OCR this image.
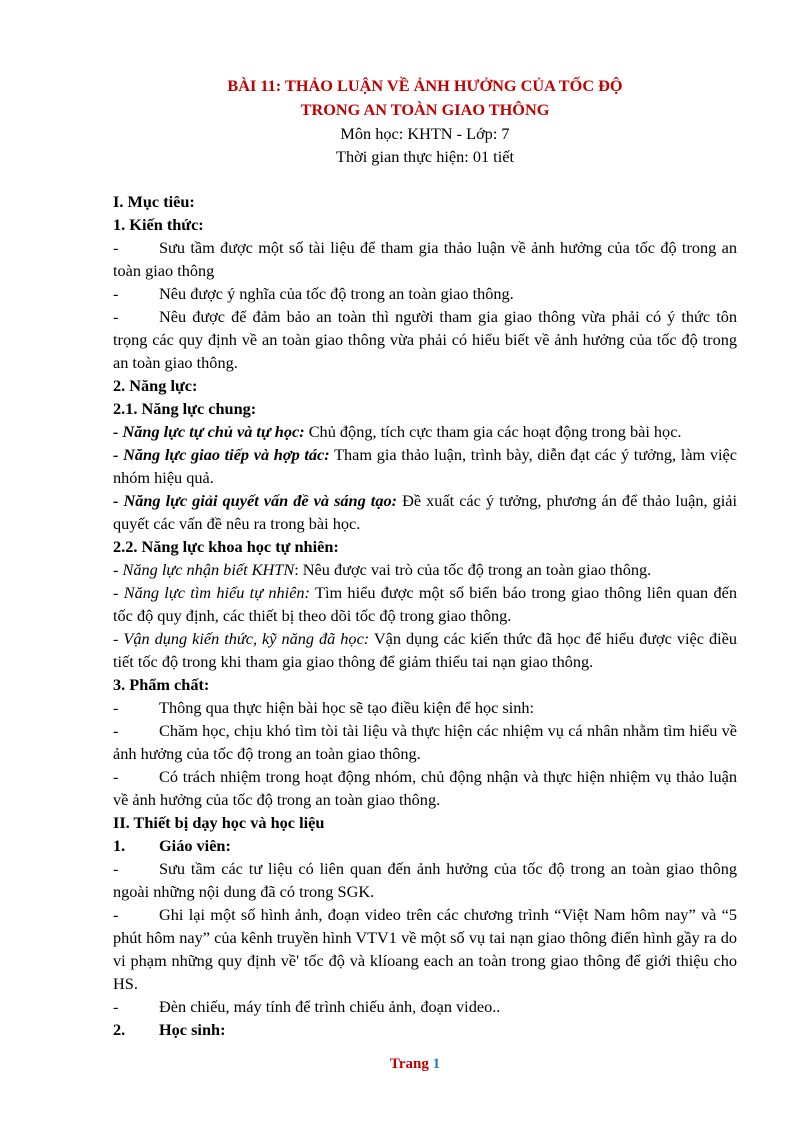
BÀI 11: THẢO LUẬN VỀ ẢNH HƯỞNG CỦA TỐC ĐỘ
TRONG AN TOÀN GIAO THÔNG
Môn học: KHTN - Lớp: 7
Thời gian thực hiện: 01 tiết
I. Mục tiêu:
1. Kiến thức:
- Sưu tầm được một số tài liệu để tham gia thảo luận về ảnh hưởng của tốc độ trong an toàn giao thông
- Nêu được ý nghĩa của tốc độ trong an toàn giao thông.
- Nêu được để đảm bảo an toàn thì người tham gia giao thông vừa phải có ý thức tôn trọng các quy định về an toàn giao thông vừa phải có hiểu biết về ảnh hưởng của tốc độ trong an toàn giao thông.
2. Năng lực:
2.1. Năng lực chung:
- Năng lực tự chủ và tự học: Chủ động, tích cực tham gia các hoạt động trong bài học.
- Năng lực giao tiếp và hợp tác: Tham gia thảo luận, trình bày, diễn đạt các ý tưởng, làm việc nhóm hiệu quả.
- Năng lực giải quyết vấn đề và sáng tạo: Đề xuất các ý tưởng, phương án để thảo luận, giải quyết các vấn đề nêu ra trong bài học.
2.2. Năng lực khoa học tự nhiên:
- Năng lực nhận biết KHTN: Nêu được vai trò của tốc độ trong an toàn giao thông.
- Năng lực tìm hiểu tự nhiên: Tìm hiểu được một số biển báo trong giao thông liên quan đến tốc độ quy định, các thiết bị theo dõi tốc độ trong giao thông.
- Vận dụng kiến thức, kỹ năng đã học: Vận dụng các kiến thức đã học để hiểu được việc điều tiết tốc độ trong khi tham gia giao thông để giảm thiểu tai nạn giao thông.
3. Phẩm chất:
- Thông qua thực hiện bài học sẽ tạo điều kiện để học sinh:
- Chăm học, chịu khó tìm tòi tài liệu và thực hiện các nhiệm vụ cá nhân nhằm tìm hiểu về ảnh hưởng của tốc độ trong an toàn giao thông.
- Có trách nhiệm trong hoạt động nhóm, chủ động nhận và thực hiện nhiệm vụ thảo luận về ảnh hưởng của tốc độ trong an toàn giao thông.
II. Thiết bị dạy học và học liệu
1. Giáo viên:
- Sưu tầm các tư liệu có liên quan đến ảnh hưởng của tốc độ trong an toàn giao thông ngoài những nội dung đã có trong SGK.
- Ghi lại một số hình ảnh, đoạn video trên các chương trình “Việt Nam hôm nay” và “5 phút hôm nay” của kênh truyền hình VTV1 về một số vụ tai nạn giao thông điển hình gầy ra do vi phạm những quy định về' tốc độ và klíoang each an toàn trong giao thông để giới thiệu cho HS.
- Đèn chiếu, máy tính để trình chiếu ảnh, đoạn video..
2. Học sinh:
Trang 1
